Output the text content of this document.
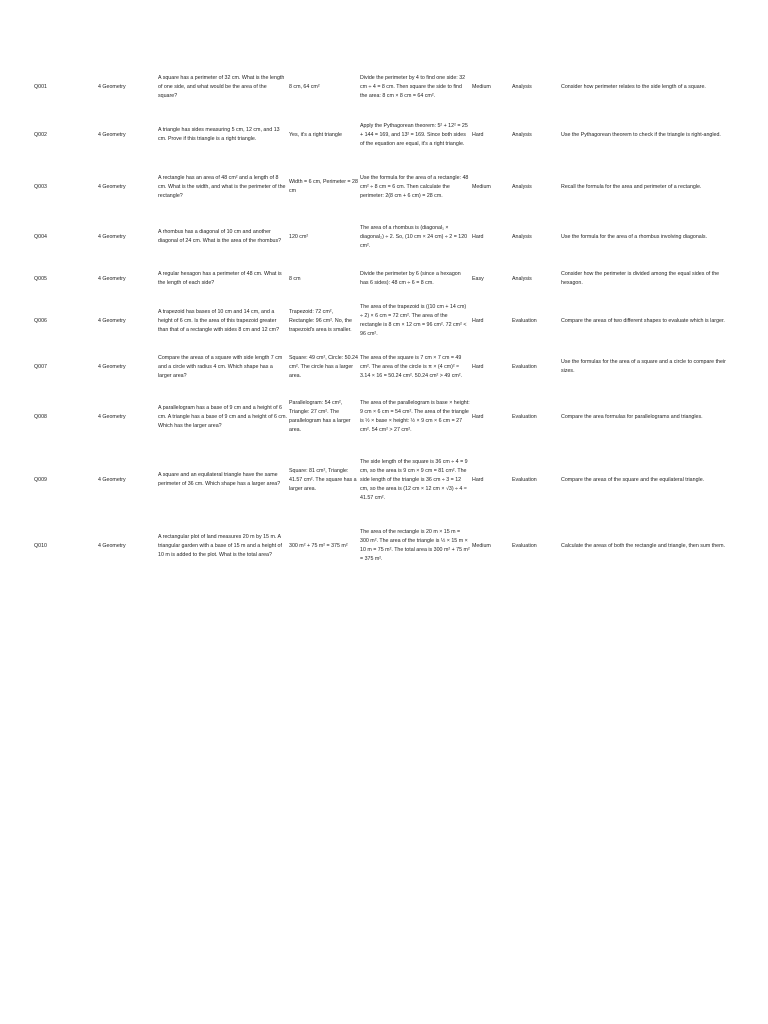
Q001	4 Geometry	A square has a perimeter of 32 cm. What is the length of one side, and what would be the area of the square?	8 cm, 64 cm²	Divide the perimeter by 4 to find one side: 32 cm ÷ 4 = 8 cm. Then square the side to find the area: 8 cm × 8 cm = 64 cm².	Medium	Analysis	Consider how perimeter relates to the side length of a square.
Q002	4 Geometry	A triangle has sides measuring 5 cm, 12 cm, and 13 cm. Prove if this triangle is a right triangle.	Yes, it's a right triangle	Apply the Pythagorean theorem: 5² + 12² = 25 + 144 = 169, and 13² = 169. Since both sides of the equation are equal, it's a right triangle.	Hard	Analysis	Use the Pythagorean theorem to check if the triangle is right-angled.
Q003	4 Geometry	A rectangle has an area of 48 cm² and a length of 8 cm. What is the width, and what is the perimeter of the rectangle?	Width = 6 cm, Perimeter = 28 cm	Use the formula for the area of a rectangle: 48 cm² ÷ 8 cm = 6 cm. Then calculate the perimeter: 2(8 cm + 6 cm) = 28 cm.	Medium	Analysis	Recall the formula for the area and perimeter of a rectangle.
Q004	4 Geometry	A rhombus has a diagonal of 10 cm and another diagonal of 24 cm. What is the area of the rhombus?	120 cm²	The area of a rhombus is (diagonal₁ × diagonal₂) ÷ 2. So, (10 cm × 24 cm) ÷ 2 = 120 cm².	Hard	Analysis	Use the formula for the area of a rhombus involving diagonals.
Q005	4 Geometry	A regular hexagon has a perimeter of 48 cm. What is the length of each side?	8 cm	Divide the perimeter by 6 (since a hexagon has 6 sides): 48 cm ÷ 6 = 8 cm.	Easy	Analysis	Consider how the perimeter is divided among the equal sides of the hexagon.
Q006	4 Geometry	A trapezoid has bases of 10 cm and 14 cm, and a height of 6 cm. Is the area of this trapezoid greater than that of a rectangle with sides 8 cm and 12 cm?	Trapezoid: 72 cm², Rectangle: 96 cm². No, the trapezoid's area is smaller.	The area of the trapezoid is ((10 cm + 14 cm) ÷ 2) × 6 cm = 72 cm². The area of the rectangle is 8 cm × 12 cm = 96 cm². 72 cm² < 96 cm².	Hard	Evaluation	Compare the areas of two different shapes to evaluate which is larger.
Q007	4 Geometry	Compare the areas of a square with side length 7 cm and a circle with radius 4 cm. Which shape has a larger area?	Square: 49 cm², Circle: 50.24 cm². The circle has a larger area.	The area of the square is 7 cm × 7 cm = 49 cm². The area of the circle is π × (4 cm)² ≈ 3.14 × 16 = 50.24 cm². 50.24 cm² > 49 cm².	Hard	Evaluation	Use the formulas for the area of a square and a circle to compare their sizes.
Q008	4 Geometry	A parallelogram has a base of 9 cm and a height of 6 cm. A triangle has a base of 9 cm and a height of 6 cm. Which has the larger area?	Parallelogram: 54 cm², Triangle: 27 cm². The parallelogram has a larger area.	The area of the parallelogram is base × height: 9 cm × 6 cm = 54 cm². The area of the triangle is ½ × base × height: ½ × 9 cm × 6 cm = 27 cm². 54 cm² > 27 cm².	Hard	Evaluation	Compare the area formulas for parallelograms and triangles.
Q009	4 Geometry	A square and an equilateral triangle have the same perimeter of 36 cm. Which shape has a larger area?	Square: 81 cm², Triangle: 41.57 cm². The square has a larger area.	The side length of the square is 36 cm ÷ 4 = 9 cm, so the area is 9 cm × 9 cm = 81 cm². The side length of the triangle is 36 cm ÷ 3 = 12 cm, so the area is (12 cm × 12 cm × √3) ÷ 4 ≈ 41.57 cm².	Hard	Evaluation	Compare the areas of the square and the equilateral triangle.
Q010	4 Geometry	A rectangular plot of land measures 20 m by 15 m. A triangular garden with a base of 15 m and a height of 10 m is added to the plot. What is the total area?	300 m² + 75 m² = 375 m²	The area of the rectangle is 20 m × 15 m = 300 m². The area of the triangle is ½ × 15 m × 10 m = 75 m². The total area is 300 m² + 75 m² = 375 m².	Medium	Evaluation	Calculate the areas of both the rectangle and triangle, then sum them.
